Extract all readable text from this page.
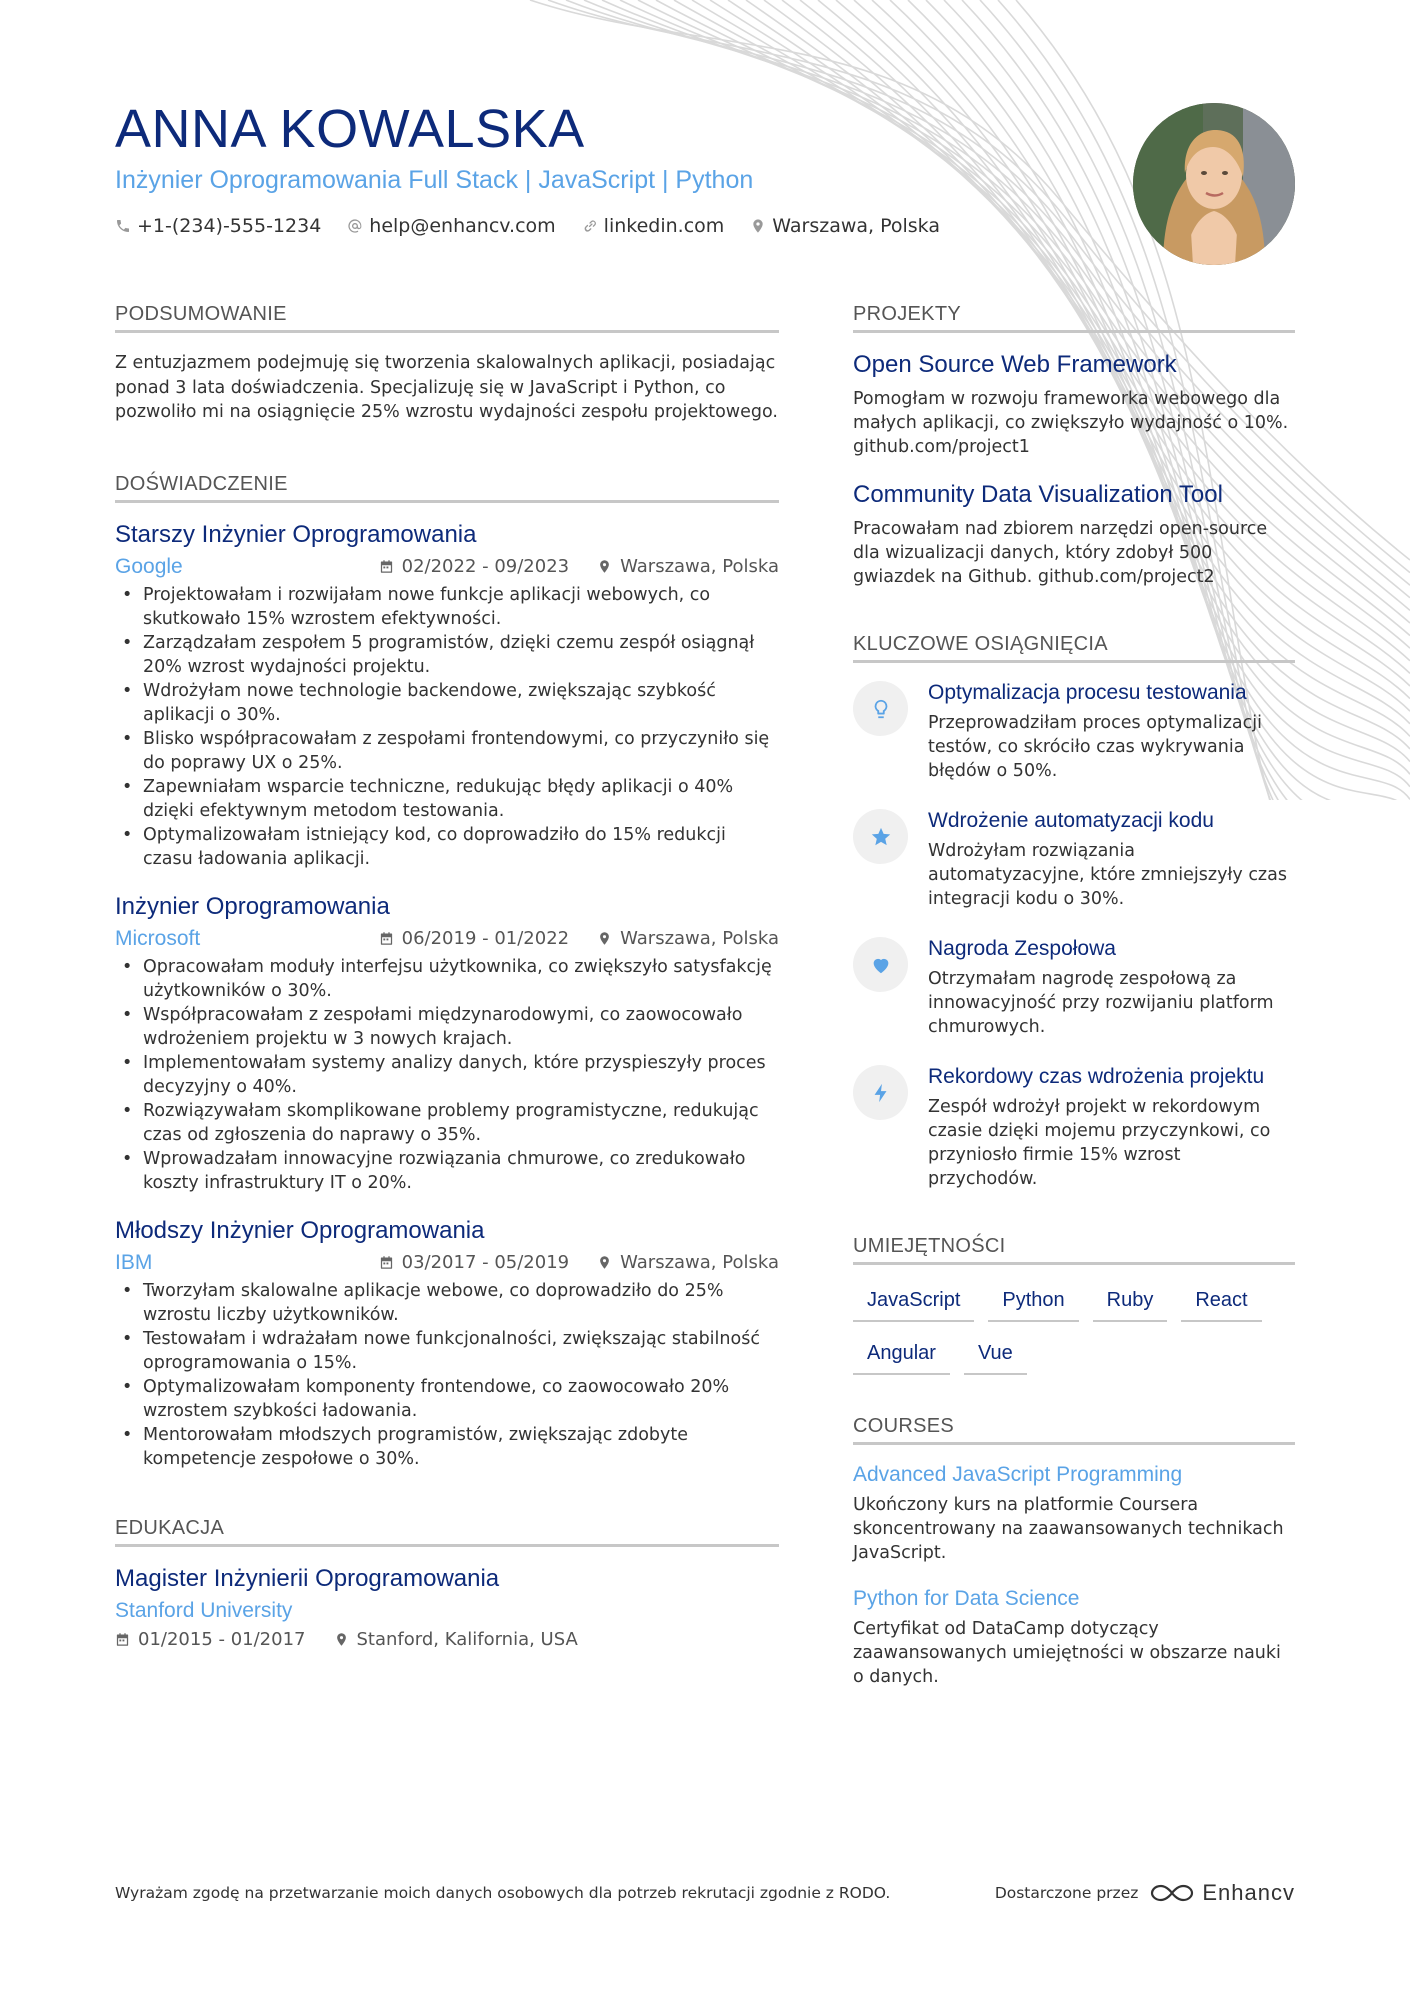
ANNA KOWALSKA
Inżynier Oprogramowania Full Stack | JavaScript | Python
+1-(234)-555-1234	help@enhancv.com	linkedin.com	Warszawa, Polska
PODSUMOWANIE

Z entuzjazmem podejmuję się tworzenia skalowalnych aplikacji, posiadając ponad 3 lata doświadczenia. Specjalizuję się w JavaScript i Python, co pozwoliło mi na osiągnięcie 25% wzrostu wydajności zespołu projektowego.

DOŚWIADCZENIE
Starszy Inżynier Oprogramowania
Google	02/2022 - 09/2023	Warszawa, Polska
• Projektowałam i rozwijałam nowe funkcje aplikacji webowych, co skutkowało 15% wzrostem efektywności.
• Zarządzałam zespołem 5 programistów, dzięki czemu zespół osiągnął 20% wzrost wydajności projektu.
• Wdrożyłam nowe technologie backendowe, zwiększając szybkość aplikacji o 30%.
• Blisko współpracowałam z zespołami frontendowymi, co przyczyniło się do poprawy UX o 25%.
• Zapewniałam wsparcie techniczne, redukując błędy aplikacji o 40% dzięki efektywnym metodom testowania.
• Optymalizowałam istniejący kod, co doprowadziło do 15% redukcji czasu ładowania aplikacji.
Inżynier Oprogramowania
Microsoft	06/2019 - 01/2022	Warszawa, Polska
• Opracowałam moduły interfejsu użytkownika, co zwiększyło satysfakcję użytkowników o 30%.
• Współpracowałam z zespołami międzynarodowymi, co zaowocowało wdrożeniem projektu w 3 nowych krajach.
• Implementowałam systemy analizy danych, które przyspieszyły proces decyzyjny o 40%.
• Rozwiązywałam skomplikowane problemy programistyczne, redukując czas od zgłoszenia do naprawy o 35%.
• Wprowadzałam innowacyjne rozwiązania chmurowe, co zredukowało koszty infrastruktury IT o 20%.
Młodszy Inżynier Oprogramowania
IBM	03/2017 - 05/2019	Warszawa, Polska
• Tworzyłam skalowalne aplikacje webowe, co doprowadziło do 25% wzrostu liczby użytkowników.
• Testowałam i wdrażałam nowe funkcjonalności, zwiększając stabilność oprogramowania o 15%.
• Optymalizowałam komponenty frontendowe, co zaowocowało 20% wzrostem szybkości ładowania.
• Mentorowałam młodszych programistów, zwiększając zdobyte kompetencje zespołowe o 30%.
EDUKACJA
Magister Inżynierii Oprogramowania
Stanford University
01/2015 - 01/2017	Stanford, Kalifornia, USA
PROJEKTY
Open Source Web Framework
Pomogłam w rozwoju frameworka webowego dla małych aplikacji, co zwiększyło wydajność o 10%. github.com/project1
Community Data Visualization Tool
Pracowałam nad zbiorem narzędzi open-source dla wizualizacji danych, który zdobył 500 gwiazdek na Github. github.com/project2
KLUCZOWE OSIĄGNIĘCIA
Optymalizacja procesu testowania
Przeprowadziłam proces optymalizacji testów, co skróciło czas wykrywania błędów o 50%.
Wdrożenie automatyzacji kodu
Wdrożyłam rozwiązania automatyzacyjne, które zmniejszyły czas integracji kodu o 30%.
Nagroda Zespołowa
Otrzymałam nagrodę zespołową za innowacyjność przy rozwijaniu platform chmurowych.
Rekordowy czas wdrożenia projektu
Zespół wdrożył projekt w rekordowym czasie dzięki mojemu przyczynkowi, co przyniosło firmie 15% wzrost przychodów.
UMIEJĘTNOŚCI
JavaScript	Python	Ruby	React
Angular	Vue
COURSES
Advanced JavaScript Programming
Ukończony kurs na platformie Coursera skoncentrowany na zaawansowanych technikach JavaScript.
Python for Data Science
Certyfikat od DataCamp dotyczący zaawansowanych umiejętności w obszarze nauki o danych.
Wyrażam zgodę na przetwarzanie moich danych osobowych dla potrzeb rekrutacji zgodnie z RODO.	Dostarczone przez	Enhancv
